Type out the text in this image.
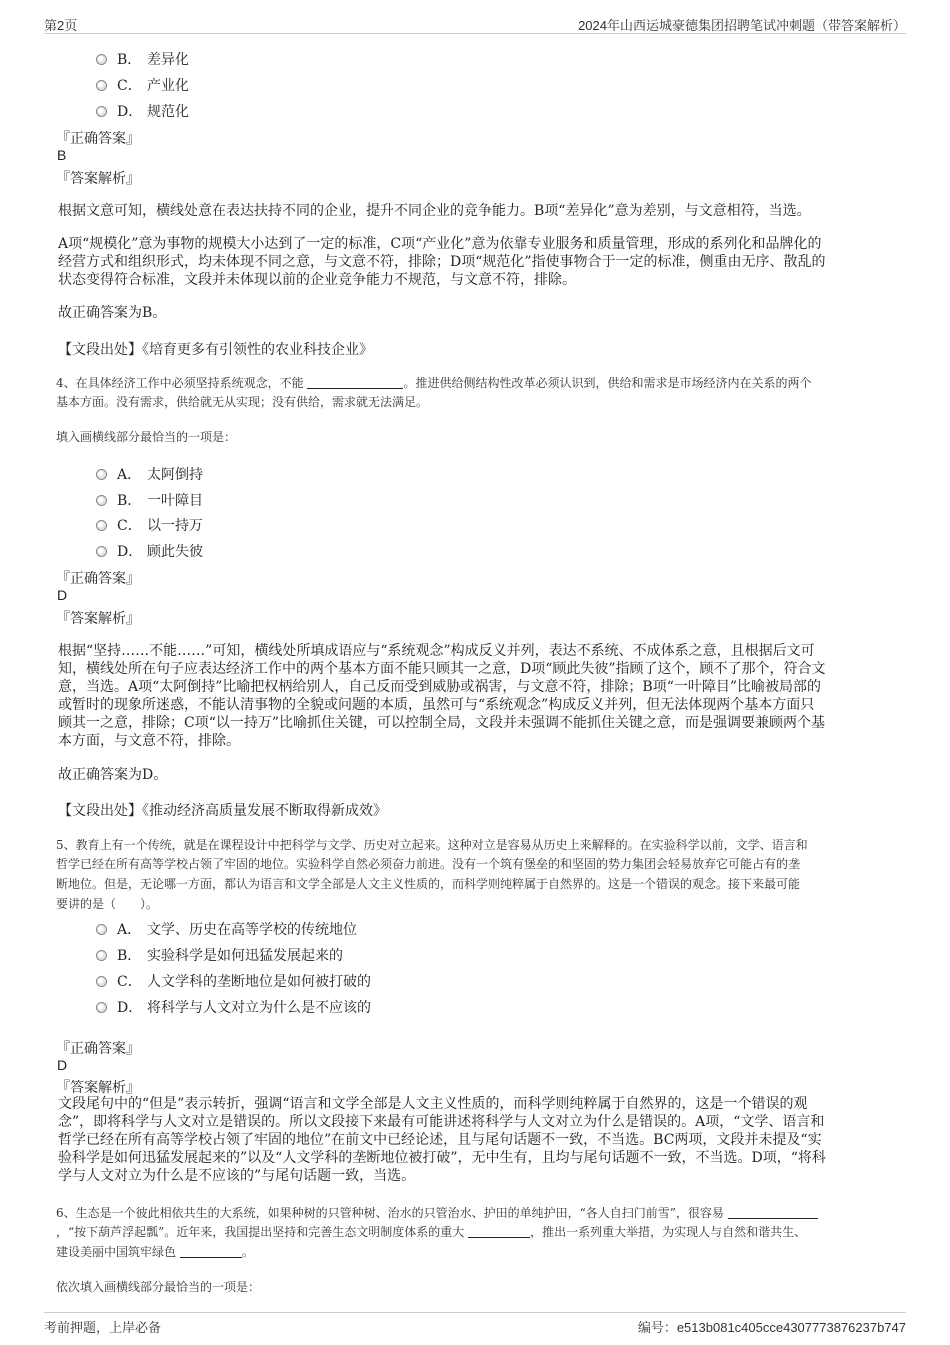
第2页	2024年山西运城豪德集团招聘笔试冲刺题（带答案解析）
B． 差异化
C． 产业化
D． 规范化
『正确答案』
B
『答案解析』
根据文意可知，横线处意在表达扶持不同的企业，提升不同企业的竞争能力。B项“差异化”意为差别，与文意相符，当选。
A项“规模化”意为事物的规模大小达到了一定的标准，C项“产业化”意为依靠专业服务和质量管理，形成的系列化和品牌化的
经营方式和组织形式，均未体现不同之意，与文意不符，排除；D项“规范化”指使事物合于一定的标准，侧重由无序、散乱的
状态变得符合标准，文段并未体现以前的企业竞争能力不规范，与文意不符，排除。
故正确答案为B。
【文段出处】《培育更多有引领性的农业科技企业》
4、在具体经济工作中必须坚持系统观念，不能	。推进供给侧结构性改革必须认识到，供给和需求是市场经济内在关系的两个
基本方面。没有需求，供给就无从实现；没有供给，需求就无法满足。
填入画横线部分最恰当的一项是：
A． 太阿倒持
B． 一叶障目
C． 以一持万
D． 顾此失彼
『正确答案』
D
『答案解析』
根据“坚持……不能……”可知，横线处所填成语应与“系统观念”构成反义并列，表达不系统、不成体系之意，且根据后文可
知，横线处所在句子应表达经济工作中的两个基本方面不能只顾其一之意，D项“顾此失彼”指顾了这个，顾不了那个，符合文
意，当选。A项“太阿倒持”比喻把权柄给别人，自己反而受到威胁或祸害，与文意不符，排除；B项“一叶障目”比喻被局部的
或暂时的现象所迷惑，不能认清事物的全貌或问题的本质，虽然可与“系统观念”构成反义并列，但无法体现两个基本方面只
顾其一之意，排除；C项“以一持万”比喻抓住关键，可以控制全局，文段并未强调不能抓住关键之意，而是强调要兼顾两个基
本方面，与文意不符，排除。
故正确答案为D。
【文段出处】《推动经济高质量发展不断取得新成效》
5、教育上有一个传统，就是在课程设计中把科学与文学、历史对立起来。这种对立是容易从历史上来解释的。在实验科学以前，文学、语言和
哲学已经在所有高等学校占领了牢固的地位。实验科学自然必须奋力前进。没有一个筑有堡垒的和坚固的势力集团会轻易放弃它可能占有的垄
断地位。但是，无论哪一方面，都认为语言和文学全部是人文主义性质的，而科学则纯粹属于自然界的。这是一个错误的观念。接下来最可能
要讲的是（　　）。
A． 文学、历史在高等学校的传统地位
B． 实验科学是如何迅猛发展起来的
C． 人文学科的垄断地位是如何被打破的
D． 将科学与人文对立为什么是不应该的
『正确答案』
D
『答案解析』
文段尾句中的“但是”表示转折，强调“语言和文学全部是人文主义性质的，而科学则纯粹属于自然界的，这是一个错误的观
念”，即将科学与人文对立是错误的。所以文段接下来最有可能讲述将科学与人文对立为什么是错误的。A项，“文学、语言和
哲学已经在所有高等学校占领了牢固的地位”在前文中已经论述，且与尾句话题不一致，不当选。BC两项，文段并未提及“实
验科学是如何迅猛发展起来的”以及“人文学科的垄断地位被打破”，无中生有，且均与尾句话题不一致，不当选。D项，“将科
学与人文对立为什么是不应该的”与尾句话题一致，当选。
6、生态是一个彼此相依共生的大系统，如果种树的只管种树、治水的只管治水、护田的单纯护田，“各人自扫门前雪”，很容易
，“按下葫芦浮起瓢”。近年来，我国提出坚持和完善生态文明制度体系的重大	，推出一系列重大举措，为实现人与自然和谐共生、
建设美丽中国筑牢绿色	。
依次填入画横线部分最恰当的一项是：
考前押题，上岸必备	编号：e513b081c405cce4307773876237b747
